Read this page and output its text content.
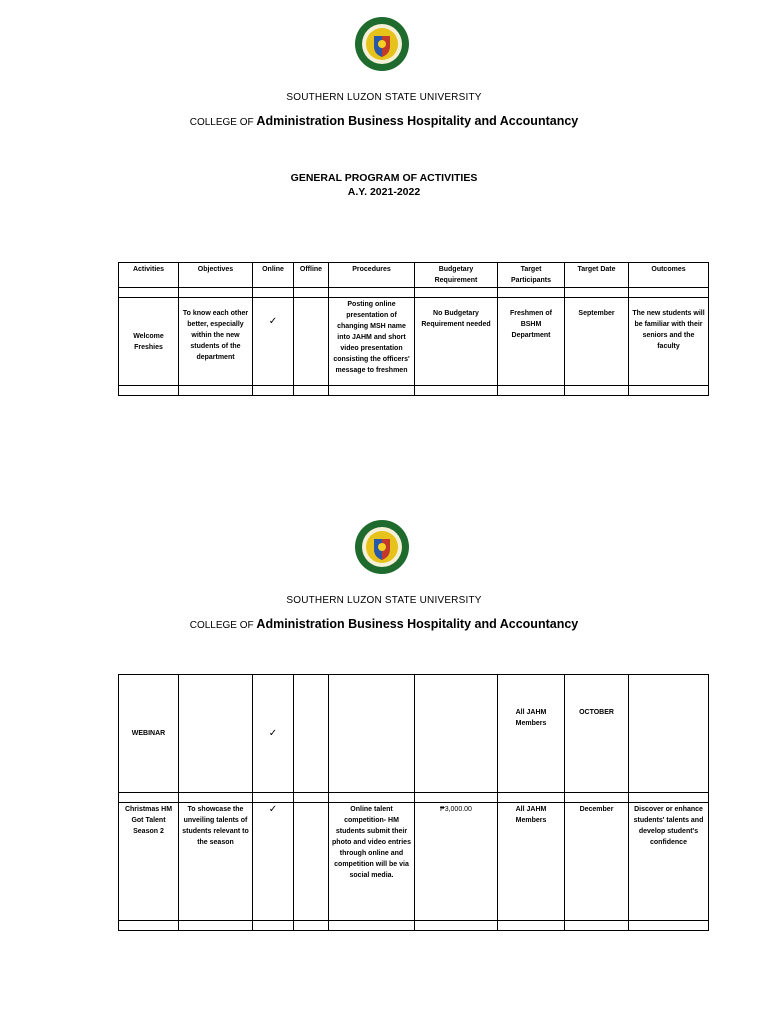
SOUTHERN LUZON STATE UNIVERSITY
COLLEGE OF Administration Business Hospitality and Accountancy
GENERAL PROGRAM OF ACTIVITIES
A.Y. 2021-2022
Activities	Objectives	Online	Offline	Procedures	Budgetary Requirement	Target Participants	Target Date	Outcomes

Welcome Freshies	To know each other better, especially within the new students of the department	✓		Posting online presentation of changing MSH name into JAHM and short video presentation consisting the officers' message to freshmen	No Budgetary Requirement needed	Freshmen of BSHM Department	September	The new students will be familiar with their seniors and the faculty

SOUTHERN LUZON STATE UNIVERSITY
COLLEGE OF Administration Business Hospitality and Accountancy
WEBINAR		✓				All JAHM Members	OCTOBER	

Christmas HM Got Talent Season 2	To showcase the unveiling talents of students relevant to the season	✓		Online talent competition- HM students submit their photo and video entries through online and competition will be via social media.	₱3,000.00	All JAHM Members	December	Discover or enhance students' talents and develop student's confidence
